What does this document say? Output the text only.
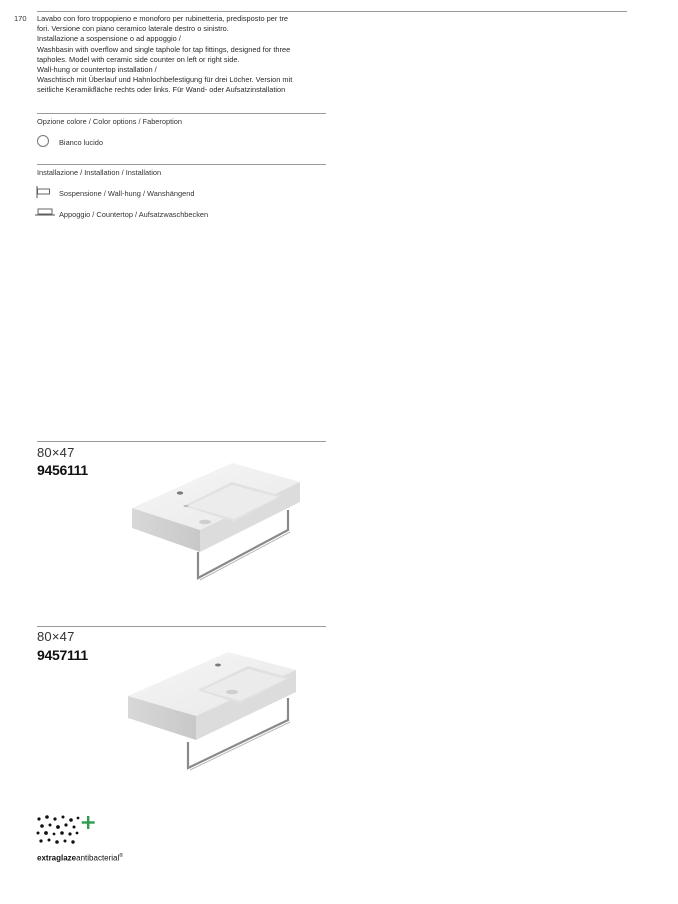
170 Lavabo con foro troppopieno e monoforo per rubinetteria, predisposto per tre
fori. Versione con piano ceramico laterale destro o sinistro.
Installazione a sospensione o ad appoggio /
Washbasin with overflow and single taphole for tap fittings, designed for three
tapholes. Model with ceramic side counter on left or right side.
Wall-hung or countertop installation /
Waschtisch mit Überlauf und Hahnlochbefestigung für drei Löcher. Version mit
seitliche Keramikfläche rechts oder links. Für Wand- oder Aufsatzinstallation
Opzione colore / Color options / Faberoption
Bianco lucido
Installazione / Installation / Installation
Sospensione / Wall-hung / Wanshängend
Appoggio / Countertop / Aufsatzwaschbecken
80×47
9456111
80×47
9457111
extraglazeantibacterial®
